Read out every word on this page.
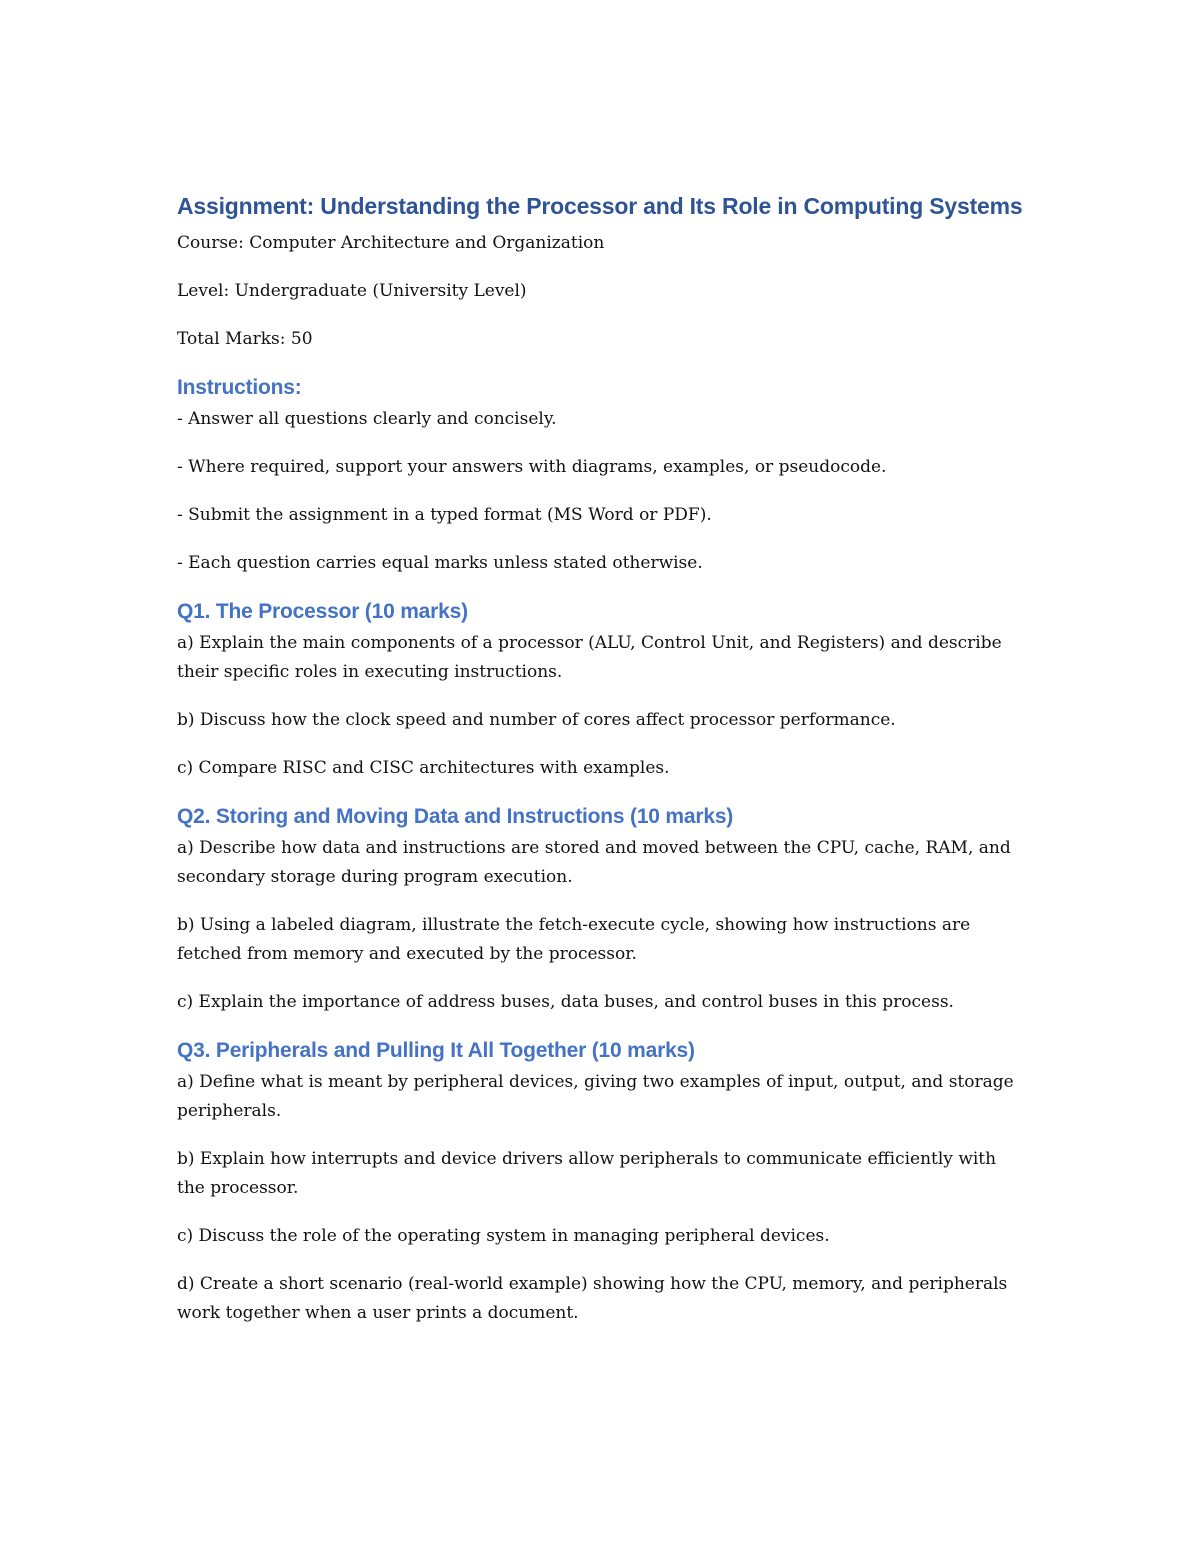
Assignment: Understanding the Processor and Its Role in Computing Systems

Course: Computer Architecture and Organization

Level: Undergraduate (University Level)

Total Marks: 50

Instructions:

- Answer all questions clearly and concisely.

- Where required, support your answers with diagrams, examples, or pseudocode.

- Submit the assignment in a typed format (MS Word or PDF).

- Each question carries equal marks unless stated otherwise.

Q1. The Processor (10 marks)

a) Explain the main components of a processor (ALU, Control Unit, and Registers) and describe their specific roles in executing instructions.

b) Discuss how the clock speed and number of cores affect processor performance.

c) Compare RISC and CISC architectures with examples.

Q2. Storing and Moving Data and Instructions (10 marks)

a) Describe how data and instructions are stored and moved between the CPU, cache, RAM, and secondary storage during program execution.

b) Using a labeled diagram, illustrate the fetch-execute cycle, showing how instructions are fetched from memory and executed by the processor.

c) Explain the importance of address buses, data buses, and control buses in this process.

Q3. Peripherals and Pulling It All Together (10 marks)

a) Define what is meant by peripheral devices, giving two examples of input, output, and storage peripherals.

b) Explain how interrupts and device drivers allow peripherals to communicate efficiently with the processor.

c) Discuss the role of the operating system in managing peripheral devices.

d) Create a short scenario (real-world example) showing how the CPU, memory, and peripherals work together when a user prints a document.
